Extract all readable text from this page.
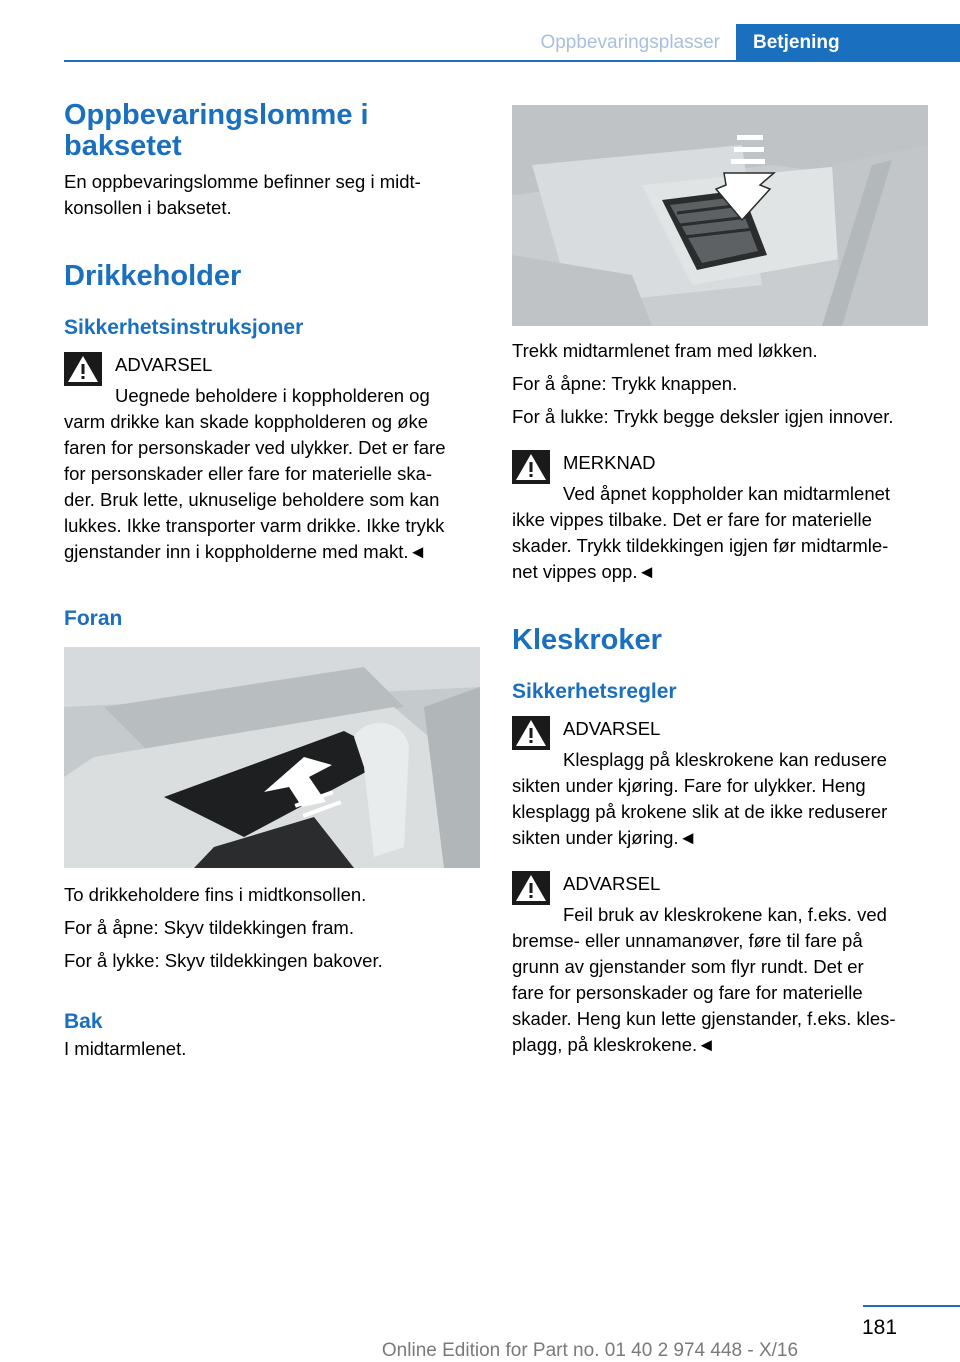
Oppbevaringsplasser	Betjening
Oppbevaringslomme i
baksetet
En oppbevaringslomme befinner seg i midt-
konsollen i baksetet.
Drikkeholder
Sikkerhetsinstruksjoner
ADVARSEL
Uegnede beholdere i koppholderen og
varm drikke kan skade koppholderen og øke
faren for personskader ved ulykker. Det er fare
for personskader eller fare for materielle ska-
der. Bruk lette, uknuselige beholdere som kan
lukkes. Ikke transporter varm drikke. Ikke trykk
gjenstander inn i koppholderne med makt.◄
Foran
To drikkeholdere fins i midtkonsollen.
For å åpne: Skyv tildekkingen fram.
For å lykke: Skyv tildekkingen bakover.
Bak
I midtarmlenet.
Trekk midtarmlenet fram med løkken.
For å åpne: Trykk knappen.
For å lukke: Trykk begge deksler igjen innover.
MERKNAD
Ved åpnet koppholder kan midtarmlenet
ikke vippes tilbake. Det er fare for materielle
skader. Trykk tildekkingen igjen før midtarmle-
net vippes opp.◄
Kleskroker
Sikkerhetsregler
ADVARSEL
Klesplagg på kleskrokene kan redusere
sikten under kjøring. Fare for ulykker. Heng
klesplagg på krokene slik at de ikke reduserer
sikten under kjøring.◄
ADVARSEL
Feil bruk av kleskrokene kan, f.eks. ved
bremse- eller unnamanøver, føre til fare på
grunn av gjenstander som flyr rundt. Det er
fare for personskader og fare for materielle
skader. Heng kun lette gjenstander, f.eks. kles-
plagg, på kleskrokene.◄
181
Online Edition for Part no. 01 40 2 974 448 - X/16
